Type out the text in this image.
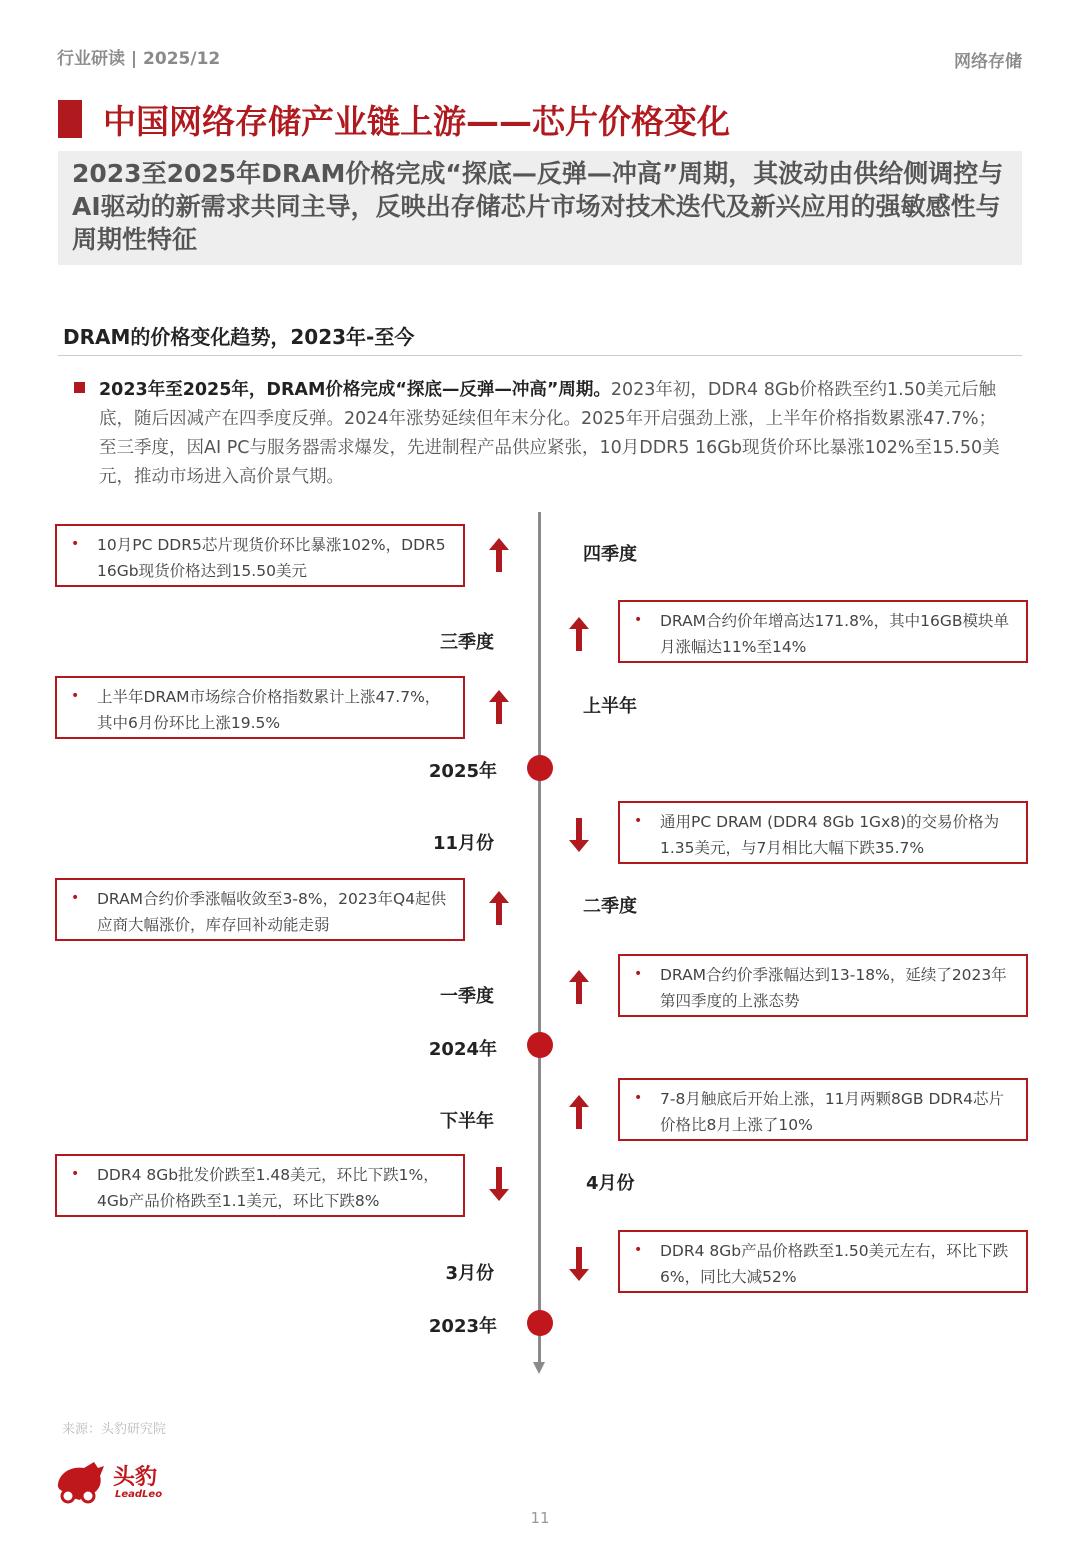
行业研读 | 2025/12	网络存储
中国网络存储产业链上游——芯片价格变化
2023至2025年DRAM价格完成“探底—反弹—冲高”周期，其波动由供给侧调控与AI驱动的新需求共同主导，反映出存储芯片市场对技术迭代及新兴应用的强敏感性与周期性特征
DRAM的价格变化趋势，2023年-至今
2023年至2025年，DRAM价格完成“探底—反弹—冲高”周期。2023年初，DDR4 8Gb价格跌至约1.50美元后触底，随后因减产在四季度反弹。2024年涨势延续但年末分化。2025年开启强劲上涨，上半年价格指数累涨47.7%；至三季度，因AI PC与服务器需求爆发，先进制程产品供应紧张，10月DDR5 16Gb现货价环比暴涨102%至15.50美元，推动市场进入高价景气期。
2025年
2024年
2023年
四季度
三季度
上半年
11月份
二季度
一季度
下半年
4月份
3月份
• 10月PC DDR5芯片现货价环比暴涨102%，DDR5 16Gb现货价格达到15.50美元
• DRAM合约价年增高达171.8%，其中16GB模块单月涨幅达11%至14%
• 上半年DRAM市场综合价格指数累计上涨47.7%，其中6月份环比上涨19.5%
• 通用PC DRAM (DDR4 8Gb 1Gx8)的交易价格为1.35美元，与7月相比大幅下跌35.7%
• DRAM合约价季涨幅收敛至3-8%，2023年Q4起供应商大幅涨价，库存回补动能走弱
• DRAM合约价季涨幅达到13-18%，延续了2023年第四季度的上涨态势
• 7-8月触底后开始上涨，11月两颗8GB DDR4芯片价格比8月上涨了10%
• DDR4 8Gb批发价跌至1.48美元，环比下跌1%，4Gb产品价格跌至1.1美元，环比下跌8%
• DDR4 8Gb产品价格跌至1.50美元左右，环比下跌6%，同比大减52%
来源：头豹研究院
头豹
LeadLeo
11
